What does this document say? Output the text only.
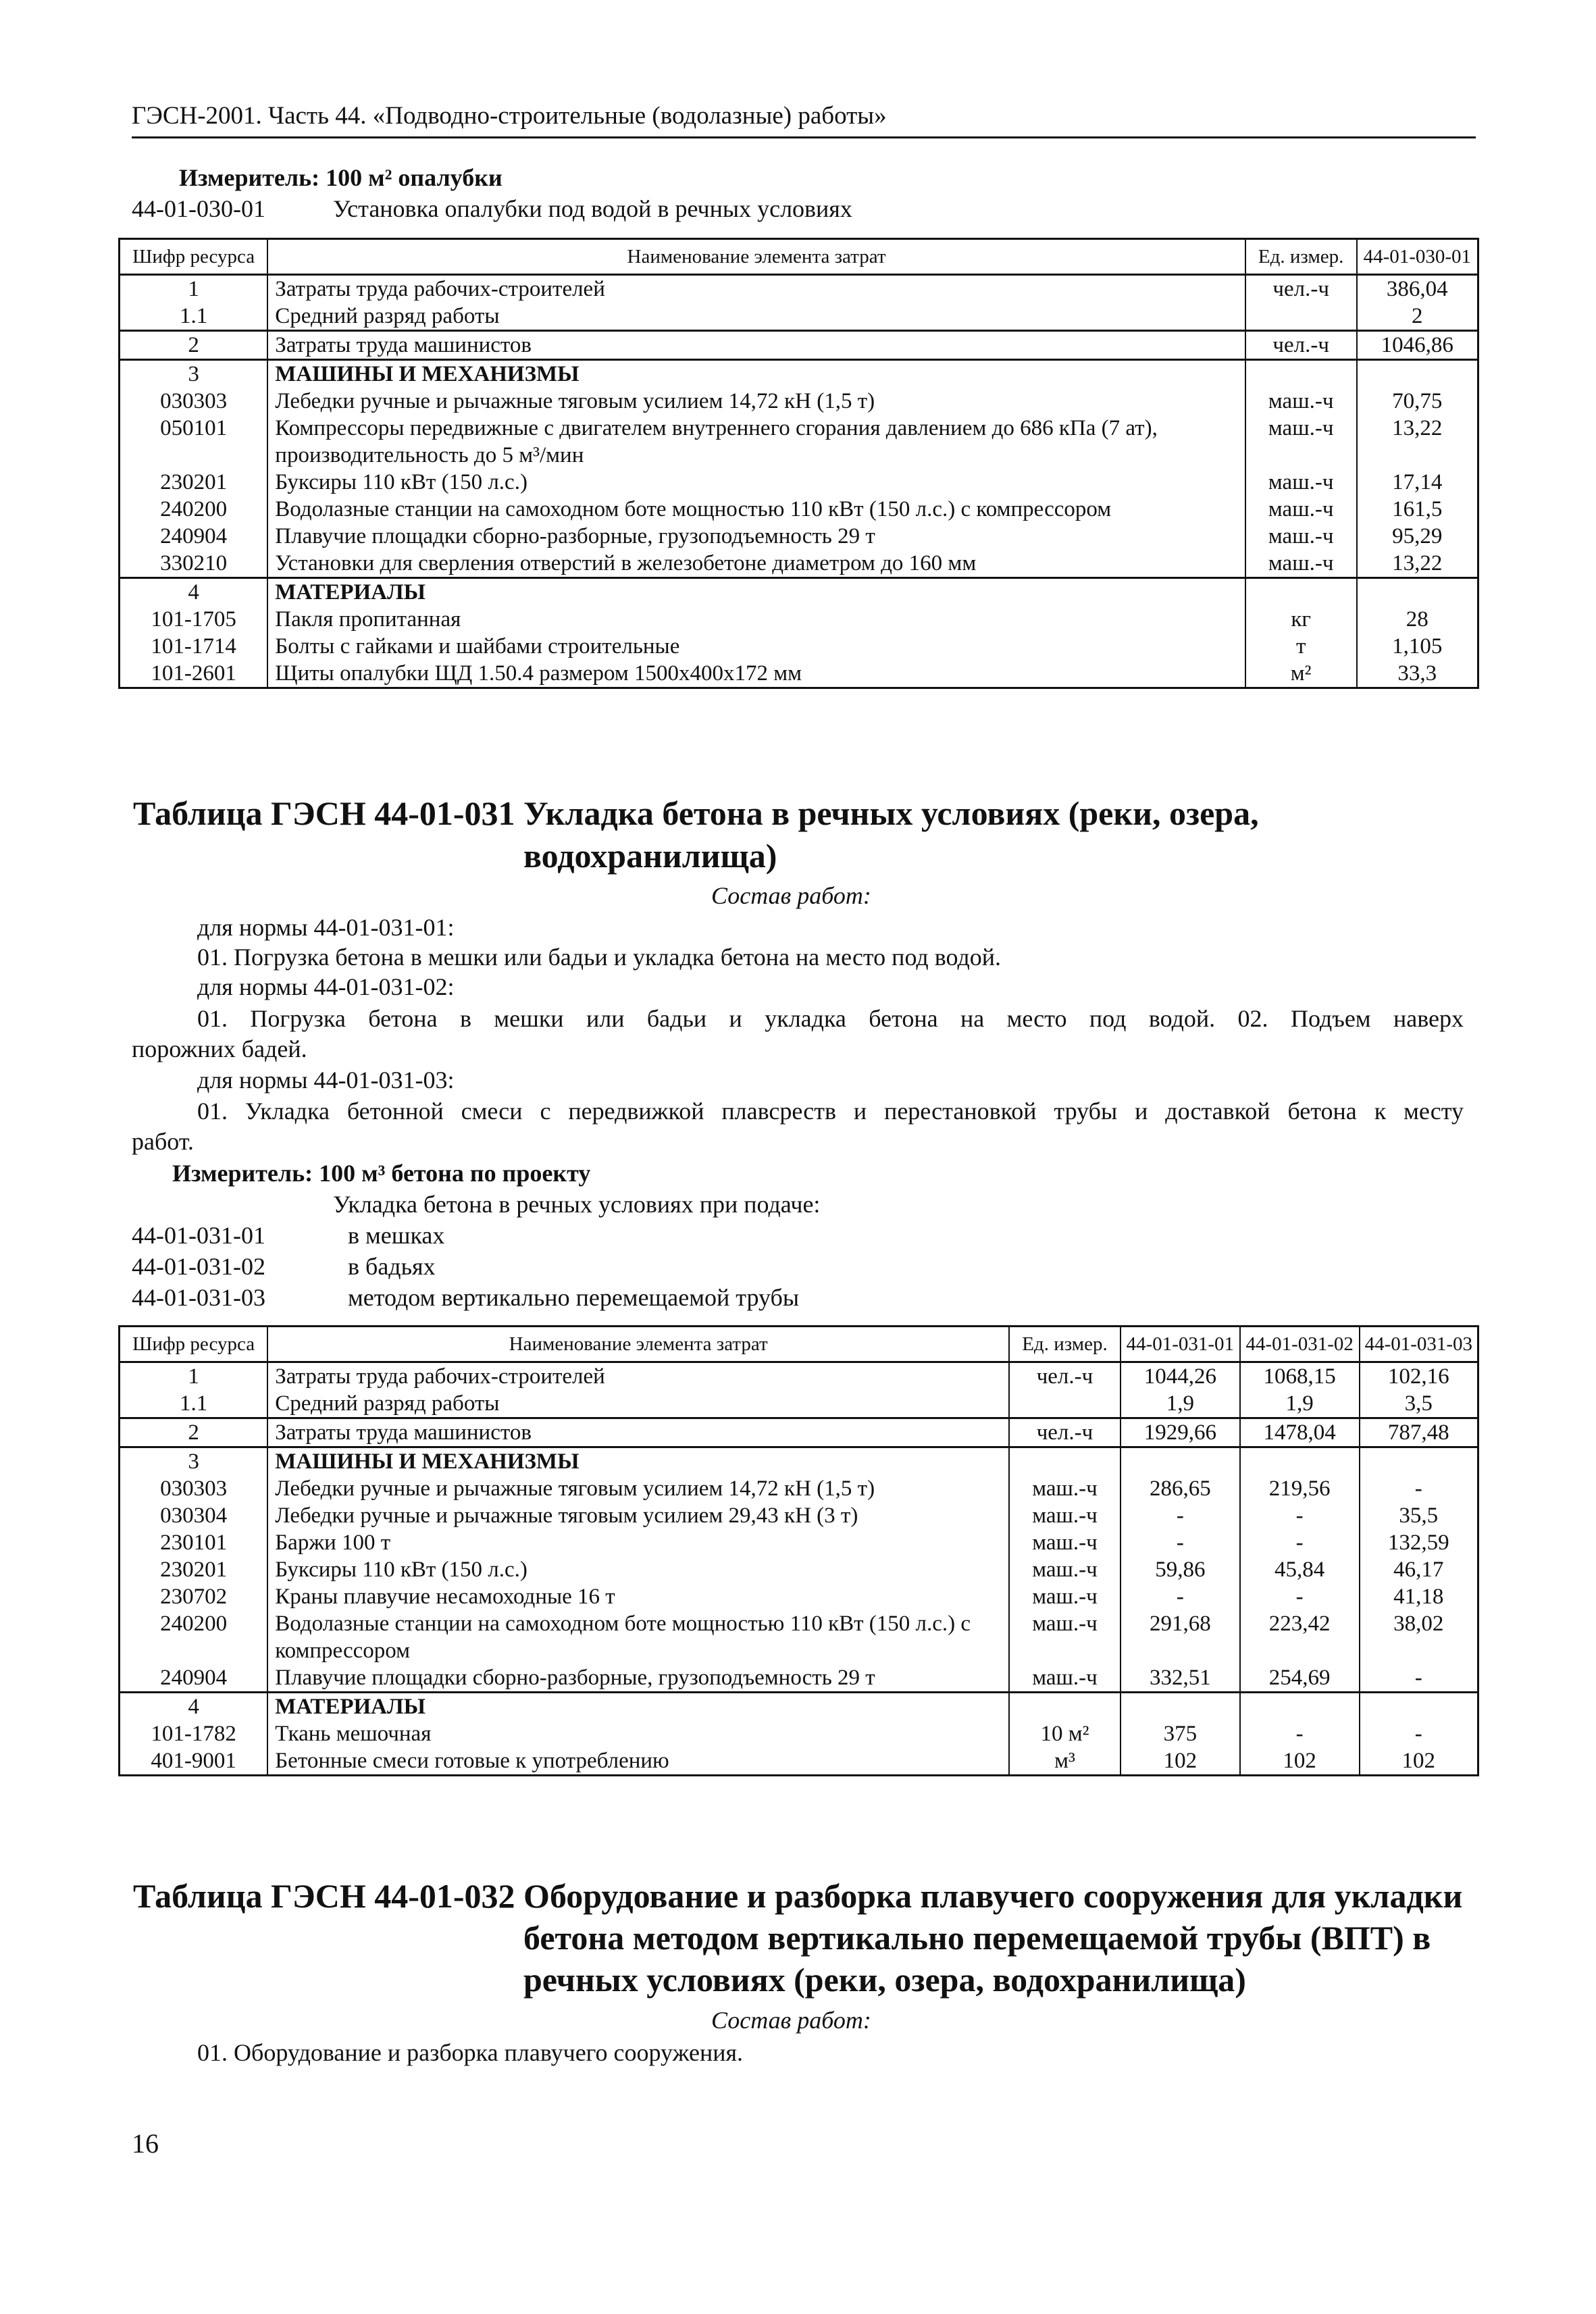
ГЭСН-2001. Часть 44. «Подводно-строительные (водолазные) работы»
Измеритель: 100 м² опалубки
44-01-030-01	Установка опалубки под водой в речных условиях
Шифр ресурса	Наименование элемента затрат	Ед. измер.	44-01-030-01
1	Затраты труда рабочих-строителей	чел.-ч	386,04
1.1	Средний разряд работы		2
2	Затраты труда машинистов	чел.-ч	1046,86
3	МАШИНЫ И МЕХАНИЗМЫ		
030303	Лебедки ручные и рычажные тяговым усилием 14,72 кН (1,5 т)	маш.-ч	70,75
050101	Компрессоры передвижные с двигателем внутреннего сгорания давлением до 686 кПа (7 ат), производительность до 5 м³/мин	маш.-ч	13,22
230201	Буксиры 110 кВт (150 л.с.)	маш.-ч	17,14
240200	Водолазные станции на самоходном боте мощностью 110 кВт (150 л.с.) с компрессором	маш.-ч	161,5
240904	Плавучие площадки сборно-разборные, грузоподъемность 29 т	маш.-ч	95,29
330210	Установки для сверления отверстий в железобетоне диаметром до 160 мм	маш.-ч	13,22
4	МАТЕРИАЛЫ		
101-1705	Пакля пропитанная	кг	28
101-1714	Болты с гайками и шайбами строительные	т	1,105
101-2601	Щиты опалубки ЩД 1.50.4 размером 1500х400х172 мм	м²	33,3
Таблица ГЭСН 44-01-031 Укладка бетона в речных условиях (реки, озера,
водохранилища)
Состав работ:
для нормы 44-01-031-01:
01. Погрузка бетона в мешки или бадьи и укладка бетона на место под водой.
для нормы 44-01-031-02:
01. Погрузка бетона в мешки или бадьи и укладка бетона на место под водой. 02. Подъем наверх
порожних бадей.
для нормы 44-01-031-03:
01. Укладка бетонной смеси с передвижкой плавсреств и перестановкой трубы и доставкой бетона к месту
работ.
Измеритель: 100 м³ бетона по проекту
Укладка бетона в речных условиях при подаче:
44-01-031-01	в мешках
44-01-031-02	в бадьях
44-01-031-03	методом вертикально перемещаемой трубы
Шифр ресурса	Наименование элемента затрат	Ед. измер.	44-01-031-01	44-01-031-02	44-01-031-03
1	Затраты труда рабочих-строителей	чел.-ч	1044,26	1068,15	102,16
1.1	Средний разряд работы		1,9	1,9	3,5
2	Затраты труда машинистов	чел.-ч	1929,66	1478,04	787,48
3	МАШИНЫ И МЕХАНИЗМЫ				
030303	Лебедки ручные и рычажные тяговым усилием 14,72 кН (1,5 т)	маш.-ч	286,65	219,56	-
030304	Лебедки ручные и рычажные тяговым усилием 29,43 кН (3 т)	маш.-ч	-	-	35,5
230101	Баржи 100 т	маш.-ч	-	-	132,59
230201	Буксиры 110 кВт (150 л.с.)	маш.-ч	59,86	45,84	46,17
230702	Краны плавучие несамоходные 16 т	маш.-ч	-	-	41,18
240200	Водолазные станции на самоходном боте мощностью 110 кВт (150 л.с.) с компрессором	маш.-ч	291,68	223,42	38,02
240904	Плавучие площадки сборно-разборные, грузоподъемность 29 т	маш.-ч	332,51	254,69	-
4	МАТЕРИАЛЫ				
101-1782	Ткань мешочная	10 м²	375	-	-
401-9001	Бетонные смеси готовые к употреблению	м³	102	102	102
Таблица ГЭСН 44-01-032 Оборудование и разборка плавучего сооружения для укладки
бетона методом вертикально перемещаемой трубы (ВПТ) в
речных условиях (реки, озера, водохранилища)
Состав работ:
01. Оборудование и разборка плавучего сооружения.
16
